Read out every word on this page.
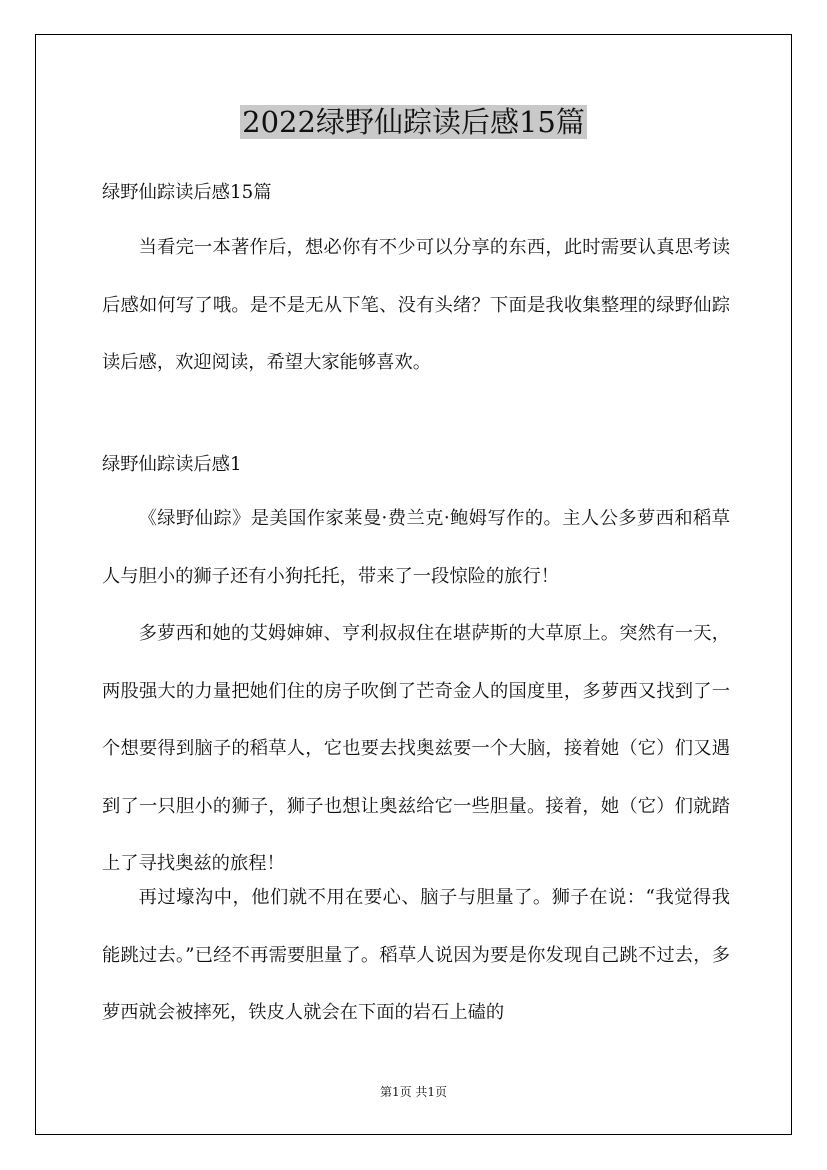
2022绿野仙踪读后感15篇
绿野仙踪读后感15篇

当看完一本著作后，想必你有不少可以分享的东西，此时需要认真思考读后感如何写了哦。是不是无从下笔、没有头绪？下面是我收集整理的绿野仙踪读后感，欢迎阅读，希望大家能够喜欢。

绿野仙踪读后感1

《绿野仙踪》是美国作家莱曼·费兰克·鲍姆写作的。主人公多萝西和稻草人与胆小的狮子还有小狗托托，带来了一段惊险的旅行！

多萝西和她的艾姆婶婶、亨利叔叔住在堪萨斯的大草原上。突然有一天，两股强大的力量把她们住的房子吹倒了芒奇金人的国度里，多萝西又找到了一个想要得到脑子的稻草人，它也要去找奥兹要一个大脑，接着她（它）们又遇到了一只胆小的狮子，狮子也想让奥兹给它一些胆量。接着，她（它）们就踏上了寻找奥兹的旅程！

再过壕沟中，他们就不用在要心、脑子与胆量了。狮子在说：“我觉得我能跳过去。”已经不再需要胆量了。稻草人说因为要是你发现自己跳不过去，多萝西就会被摔死，铁皮人就会在下面的岩石上磕的

第1页 共1页
